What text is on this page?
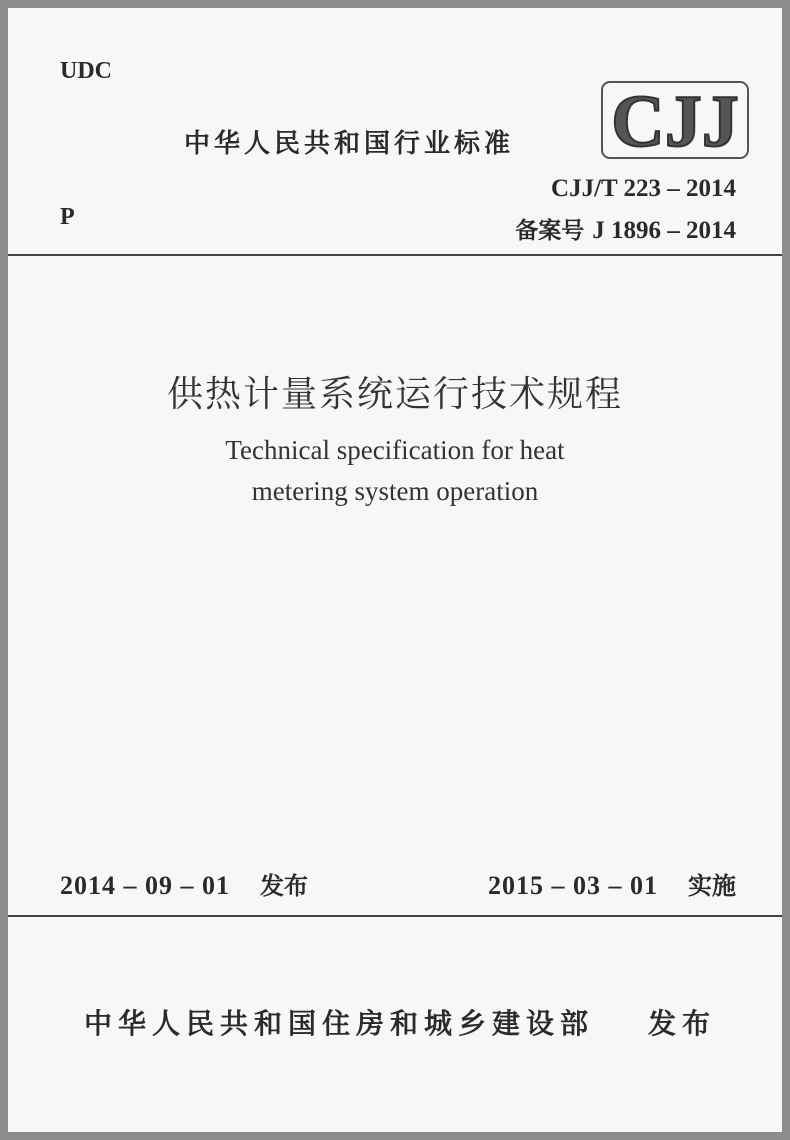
UDC
中华人民共和国行业标准 CJJ
CJJ/T 223 – 2014
P
备案号 J 1896 – 2014
供热计量系统运行技术规程
Technical specification for heat
metering system operation
2014 – 09 – 01 发布	2015 – 03 – 01 实施
中华人民共和国住房和城乡建设部 发布
